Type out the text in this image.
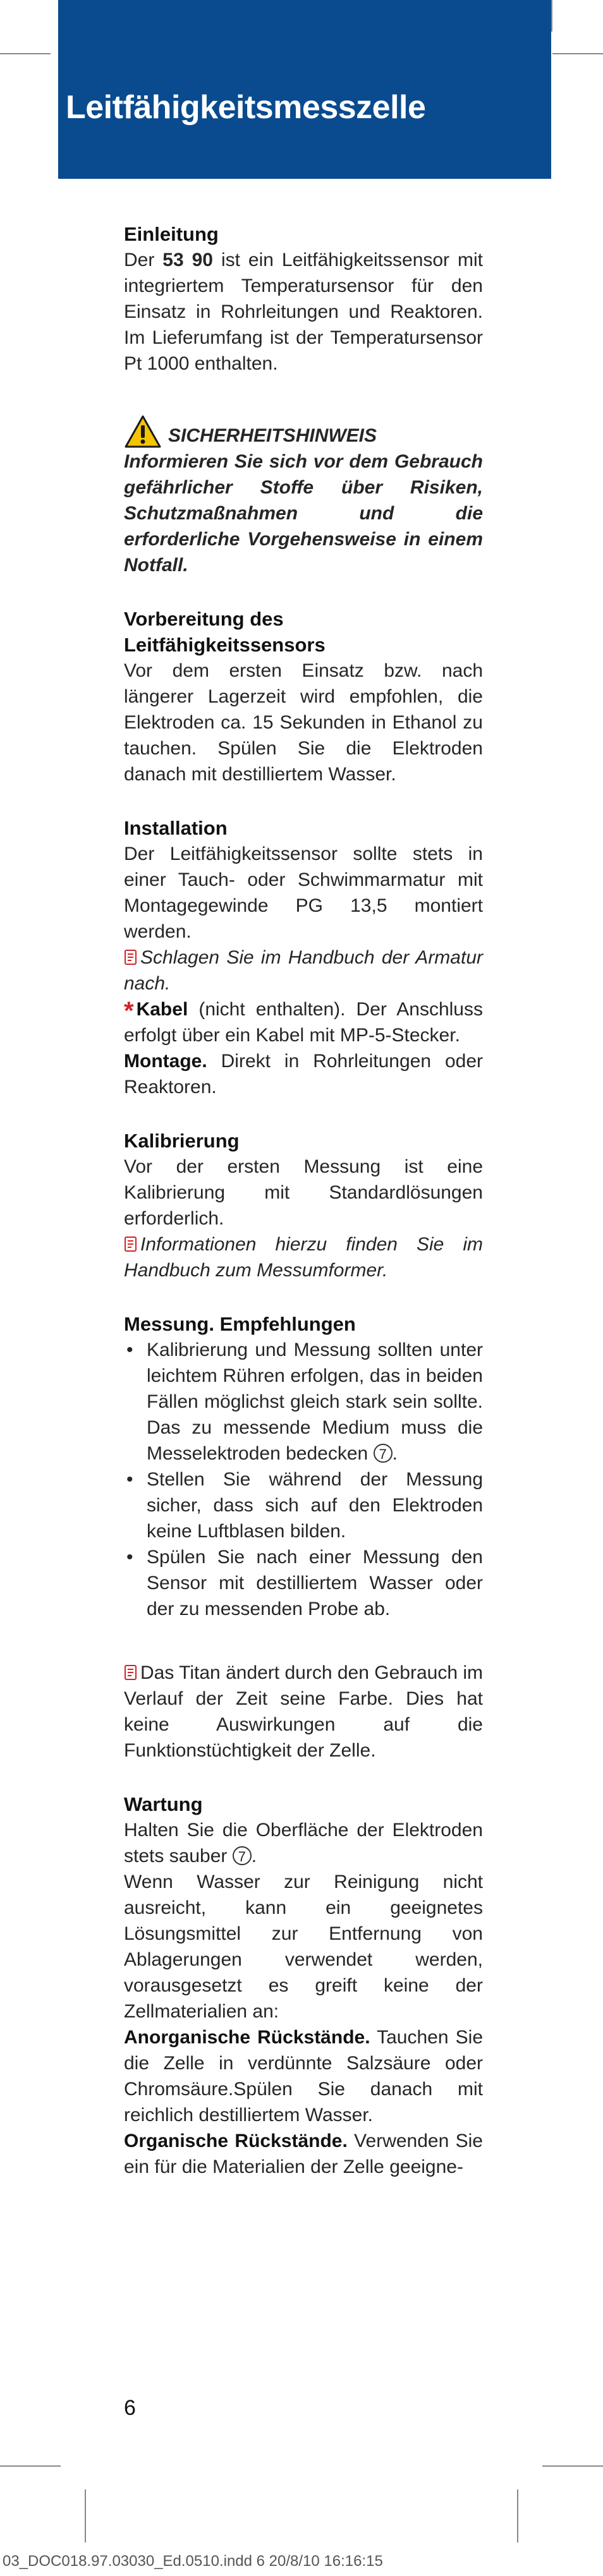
Leitfähigkeitsmesszelle
Einleitung

Der 53 90 ist ein Leitfähigkeitssensor mit integriertem Temperatursensor für den Einsatz in Rohrleitungen und Reaktoren. Im Lieferumfang ist der Temperatursensor Pt 1000 enthalten.

SICHERHEITSHINWEIS

Informieren Sie sich vor dem Gebrauch gefährlicher Stoffe über Risiken, Schutzmaßnahmen und die erforderliche Vorgehensweise in einem Notfall.

Vorbereitung des Leitfähigkeitssensors

Vor dem ersten Einsatz bzw. nach längerer Lagerzeit wird empfohlen, die Elektroden ca. 15 Sekunden in Ethanol zu tauchen. Spülen Sie die Elektroden danach mit destilliertem Wasser.

Installation

Der Leitfähigkeitssensor sollte stets in einer Tauch- oder Schwimmarmatur mit Montagegewinde PG 13,5 montiert werden.

Schlagen Sie im Handbuch der Armatur nach.

* Kabel (nicht enthalten). Der Anschluss erfolgt über ein Kabel mit MP-5-Stecker.

Montage. Direkt in Rohrleitungen oder Reaktoren.

Kalibrierung

Vor der ersten Messung ist eine Kalibrierung mit Standardlösungen erforderlich.

Informationen hierzu finden Sie im Handbuch zum Messumformer.

Messung. Empfehlungen
• Kalibrierung und Messung sollten unter leichtem Rühren erfolgen, das in beiden Fällen möglichst gleich stark sein sollte. Das zu messende Medium muss die Messelektroden bedecken 7 .
• Stellen Sie während der Messung sicher, dass sich auf den Elektroden keine Luftblasen bilden.
• Spülen Sie nach einer Messung den Sensor mit destilliertem Wasser oder der zu messenden Probe ab.

Das Titan ändert durch den Gebrauch im Verlauf der Zeit seine Farbe. Dies hat keine Auswirkungen auf die Funktionstüchtigkeit der Zelle.

Wartung

Halten Sie die Oberfläche der Elektroden stets sauber 7 .

Wenn Wasser zur Reinigung nicht ausreicht, kann ein geeignetes Lösungsmittel zur Entfernung von Ablagerungen verwendet werden, vorausgesetzt es greift keine der Zellmaterialien an:

Anorganische Rückstände. Tauchen Sie die Zelle in verdünnte Salzsäure oder Chromsäure.Spülen Sie danach mit reichlich destilliertem Wasser.

Organische Rückstände. Verwenden Sie ein für die Materialien der Zelle geeigne-

6
03_DOC018.97.03030_Ed.0510.indd 6 20/8/10 16:16:15
